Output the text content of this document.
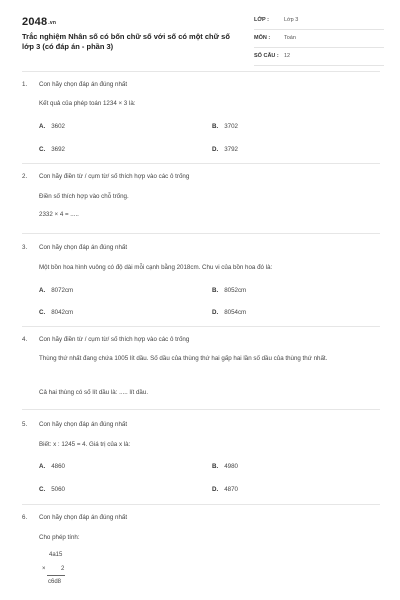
2048.vn
Trắc nghiệm Nhân số có bốn chữ số với số có một chữ số lớp 3 (có đáp án - phần 3)
LỚP :	Lớp 3
MÔN :	Toán
SỐ CÂU : 12
1. Con hãy chọn đáp án đúng nhất
Kết quả của phép toán 1234 × 3 là:
A. 3602	B. 3702
C. 3692	D. 3792
2. Con hãy điền từ / cụm từ/ số thích hợp vào các ô trống
Điền số thích hợp vào chỗ trống.
2332 × 4 = .....
3. Con hãy chọn đáp án đúng nhất
Một bồn hoa hình vuông có độ dài mỗi cạnh bằng 2018cm. Chu vi của bồn hoa đó là:
A. 8072cm	B. 8052cm
C. 8042cm	D. 8054cm
4. Con hãy điền từ / cụm từ/ số thích hợp vào các ô trống
Thùng thứ nhất đang chứa 1005 lít dầu. Số dầu của thùng thứ hai gấp hai lần số dầu của thùng thứ nhất.
Cả hai thùng có số lít dầu là: ..... lít dầu.
5. Con hãy chọn đáp án đúng nhất
Biết: x : 1245 = 4. Giá trị của x là:
A. 4860	B. 4980
C. 5060	D. 4870
6. Con hãy chọn đáp án đúng nhất
Cho phép tính:
4a15
×	2
c6d8
